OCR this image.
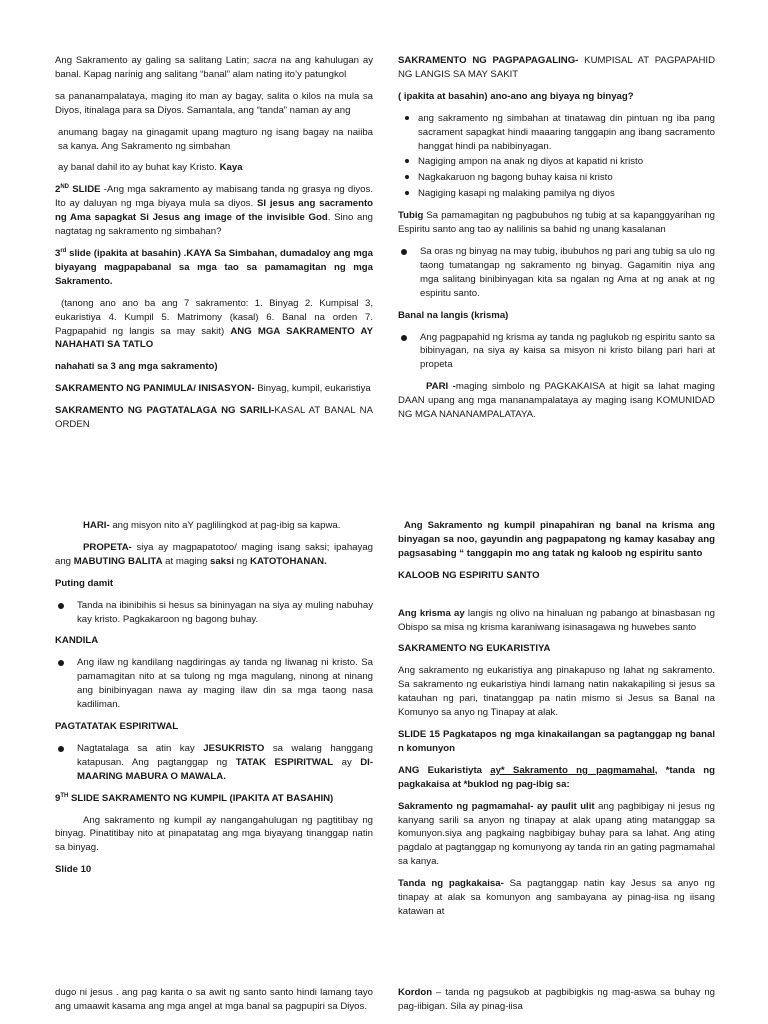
Ang Sakramento ay galing sa salitang Latin; sacra na ang kahulugan ay banal. Kapag narinig ang salitang “banal” alam nating ito’y patungkol

sa pananampalataya, maging ito man ay bagay, salita o kilos na mula sa Diyos, itinalaga para sa Diyos. Samantala, ang “tanda” naman ay ang

anumang bagay na ginagamit upang magturo ng isang bagay na naiiba sa kanya. Ang Sakramento ng simbahan

ay banal dahil ito ay buhat kay Kristo. Kaya

2ND SLIDE -Ang mga sakramento ay mabisang tanda ng grasya ng diyos. Ito ay daluyan ng mga biyaya mula sa diyos. SI jesus ang sacramento ng Ama sapagkat Si Jesus ang image of the invisible God. Sino ang nagtatag ng sakramento ng simbahan?

3rd slide (ipakita at basahin) .KAYA Sa Simbahan, dumadaloy ang mga biyayang magpapabanal sa mga tao sa pamamagitan ng mga Sakramento.

(tanong ano ano ba ang 7 sakramento: 1. Binyag 2. Kumpisal 3, eukaristiya 4. Kumpil 5. Matrimony (kasal) 6. Banal na orden 7. Pagpapahid ng langis sa may sakit) ANG MGA SAKRAMENTO AY NAHAHATI SA TATLO

nahahati sa 3 ang mga sakramento)

SAKRAMENTO NG PANIMULA/ INISASYON- Binyag, kumpil, eukaristiya

SAKRAMENTO NG PAGTATALAGA NG SARILI-KASAL AT BANAL NA ORDEN

SAKRAMENTO NG PAGPAPAGALING- KUMPISAL AT PAGPAPAHID NG LANGIS SA MAY SAKIT

( ipakita at basahin) ano-ano ang biyaya ng binyag?

ang sakramento ng simbahan at tinatawag din pintuan ng iba pang sacrament sapagkat hindi maaaring tanggapin ang ibang sacramento hanggat hindi pa nabibinyagan.
Nagiging ampon na anak ng diyos at kapatid ni kristo
Nagkakaruon ng bagong buhay kaisa ni kristo
Nagiging kasapi ng malaking pamilya ng diyos

Tubig Sa pamamagitan ng pagbubuhos ng tubig at sa kapanggyarihan ng Espiritu santo ang tao ay nalilinis sa bahid ng unang kasalanan

Sa oras ng binyag na may tubig, ibubuhos ng pari ang tubig sa ulo ng taong tumatangap ng sakramento ng binyag. Gagamitin niya ang mga salitang binibinyagan kita sa ngalan ng Ama at ng anak at ng espiritu santo.

Banal na langis (krisma)

Ang pagpapahid ng krisma ay tanda ng paglukob ng espiritu santo sa bibinyagan, na siya ay kaisa sa misyon ni kristo bilang pari hari at propeta

PARI -maging simbolo ng PAGKAKAISA at higit sa lahat maging DAAN upang ang mga mananampalataya ay maging isang KOMUNIDAD NG MGA NANANAMPALATAYA.

HARI- ang misyon nito aY paglilingkod at pag-ibig sa kapwa.

PROPETA- siya ay magpapatotoo/ maging isang saksi; ipahayag ang MABUTING BALITA at maging saksi ng KATOTOHANAN.

Puting damit

Tanda na ibinibihis si hesus sa bininyagan na siya ay muling nabuhay kay kristo. Pagkakaroon ng bagong buhay.

KANDILA

Ang ilaw ng kandilang nagdiringas ay tanda ng liwanag ni kristo. Sa pamamagitan nito at sa tulong ng mga magulang, ninong at ninang ang binibinyagan nawa ay maging ilaw din sa mga taong nasa kadiliman.

PAGTATATAK ESPIRITWAL

Nagtatalaga sa atin kay JESUKRISTO sa walang hanggang katapusan. Ang pagtanggap ng TATAK ESPIRITWAL ay DI-MAARING MABURA O MAWALA.

9TH SLIDE SAKRAMENTO NG KUMPIL (IPAKITA AT BASAHIN)

Ang sakramento ng kumpil ay nangangahulugan ng pagtitibay ng binyag. Pinatitibay nito at pinapatatag ang mga biyayang tinanggap natin sa binyag.

Slide 10

Ang Sakramento ng kumpil pinapahiran ng banal na krisma ang binyagan sa noo, gayundin ang pagpapatong ng kamay kasabay ang pagsasabing “ tanggapin mo ang tatak ng kaloob ng espiritu santo

KALOOB NG ESPIRITU SANTO

Ang krisma ay langis ng olivo na hinaluan ng pabango at binasbasan ng Obispo sa misa ng krisma karaniwang isinasagawa ng huwebes santo

SAKRAMENTO NG EUKARISTIYA

Ang sakramento ng eukaristiya ang pinakapuso ng lahat ng sakramento. Sa sakramento ng eukaristiya hindi lamang natin nakakapiling si jesus sa katauhan ng pari, tinatanggap pa natin mismo si Jesus sa Banal na Komunyo sa anyo ng Tinapay at alak.

SLIDE 15 Pagkatapos ng mga kinakailangan sa pagtanggap ng banal n komunyon

ANG Eukaristiyta ay* Sakramento ng pagmamahal, *tanda ng pagkakaisa at *buklod ng pag-ibig sa:

Sakramento ng pagmamahal- ay paulit ulit ang pagbibigay ni jesus ng kanyang sarili sa anyon ng tinapay at alak upang ating matanggap sa komunyon.siya ang pagkaing nagbibigay buhay para sa lahat. Ang ating pagdalo at pagtanggap ng komunyong ay tanda rin an gating pagmamahal sa kanya.

Tanda ng pagkakaisa- Sa pagtanggap natin kay Jesus sa anyo ng tinapay at alak sa komunyon ang sambayana ay pinag-iisa ng iisang katawan at

dugo ni jesus . ang pag kanta o sa awit ng santo santo hindi lamang tayo ang umaawit kasama ang mga angel at mga banal sa pagpupiri sa Diyos.

Kordon – tanda ng pagsukob at pagbibigkis ng mag-aswa sa buhay ng pag-iibigan. Sila ay pinag-iisa
